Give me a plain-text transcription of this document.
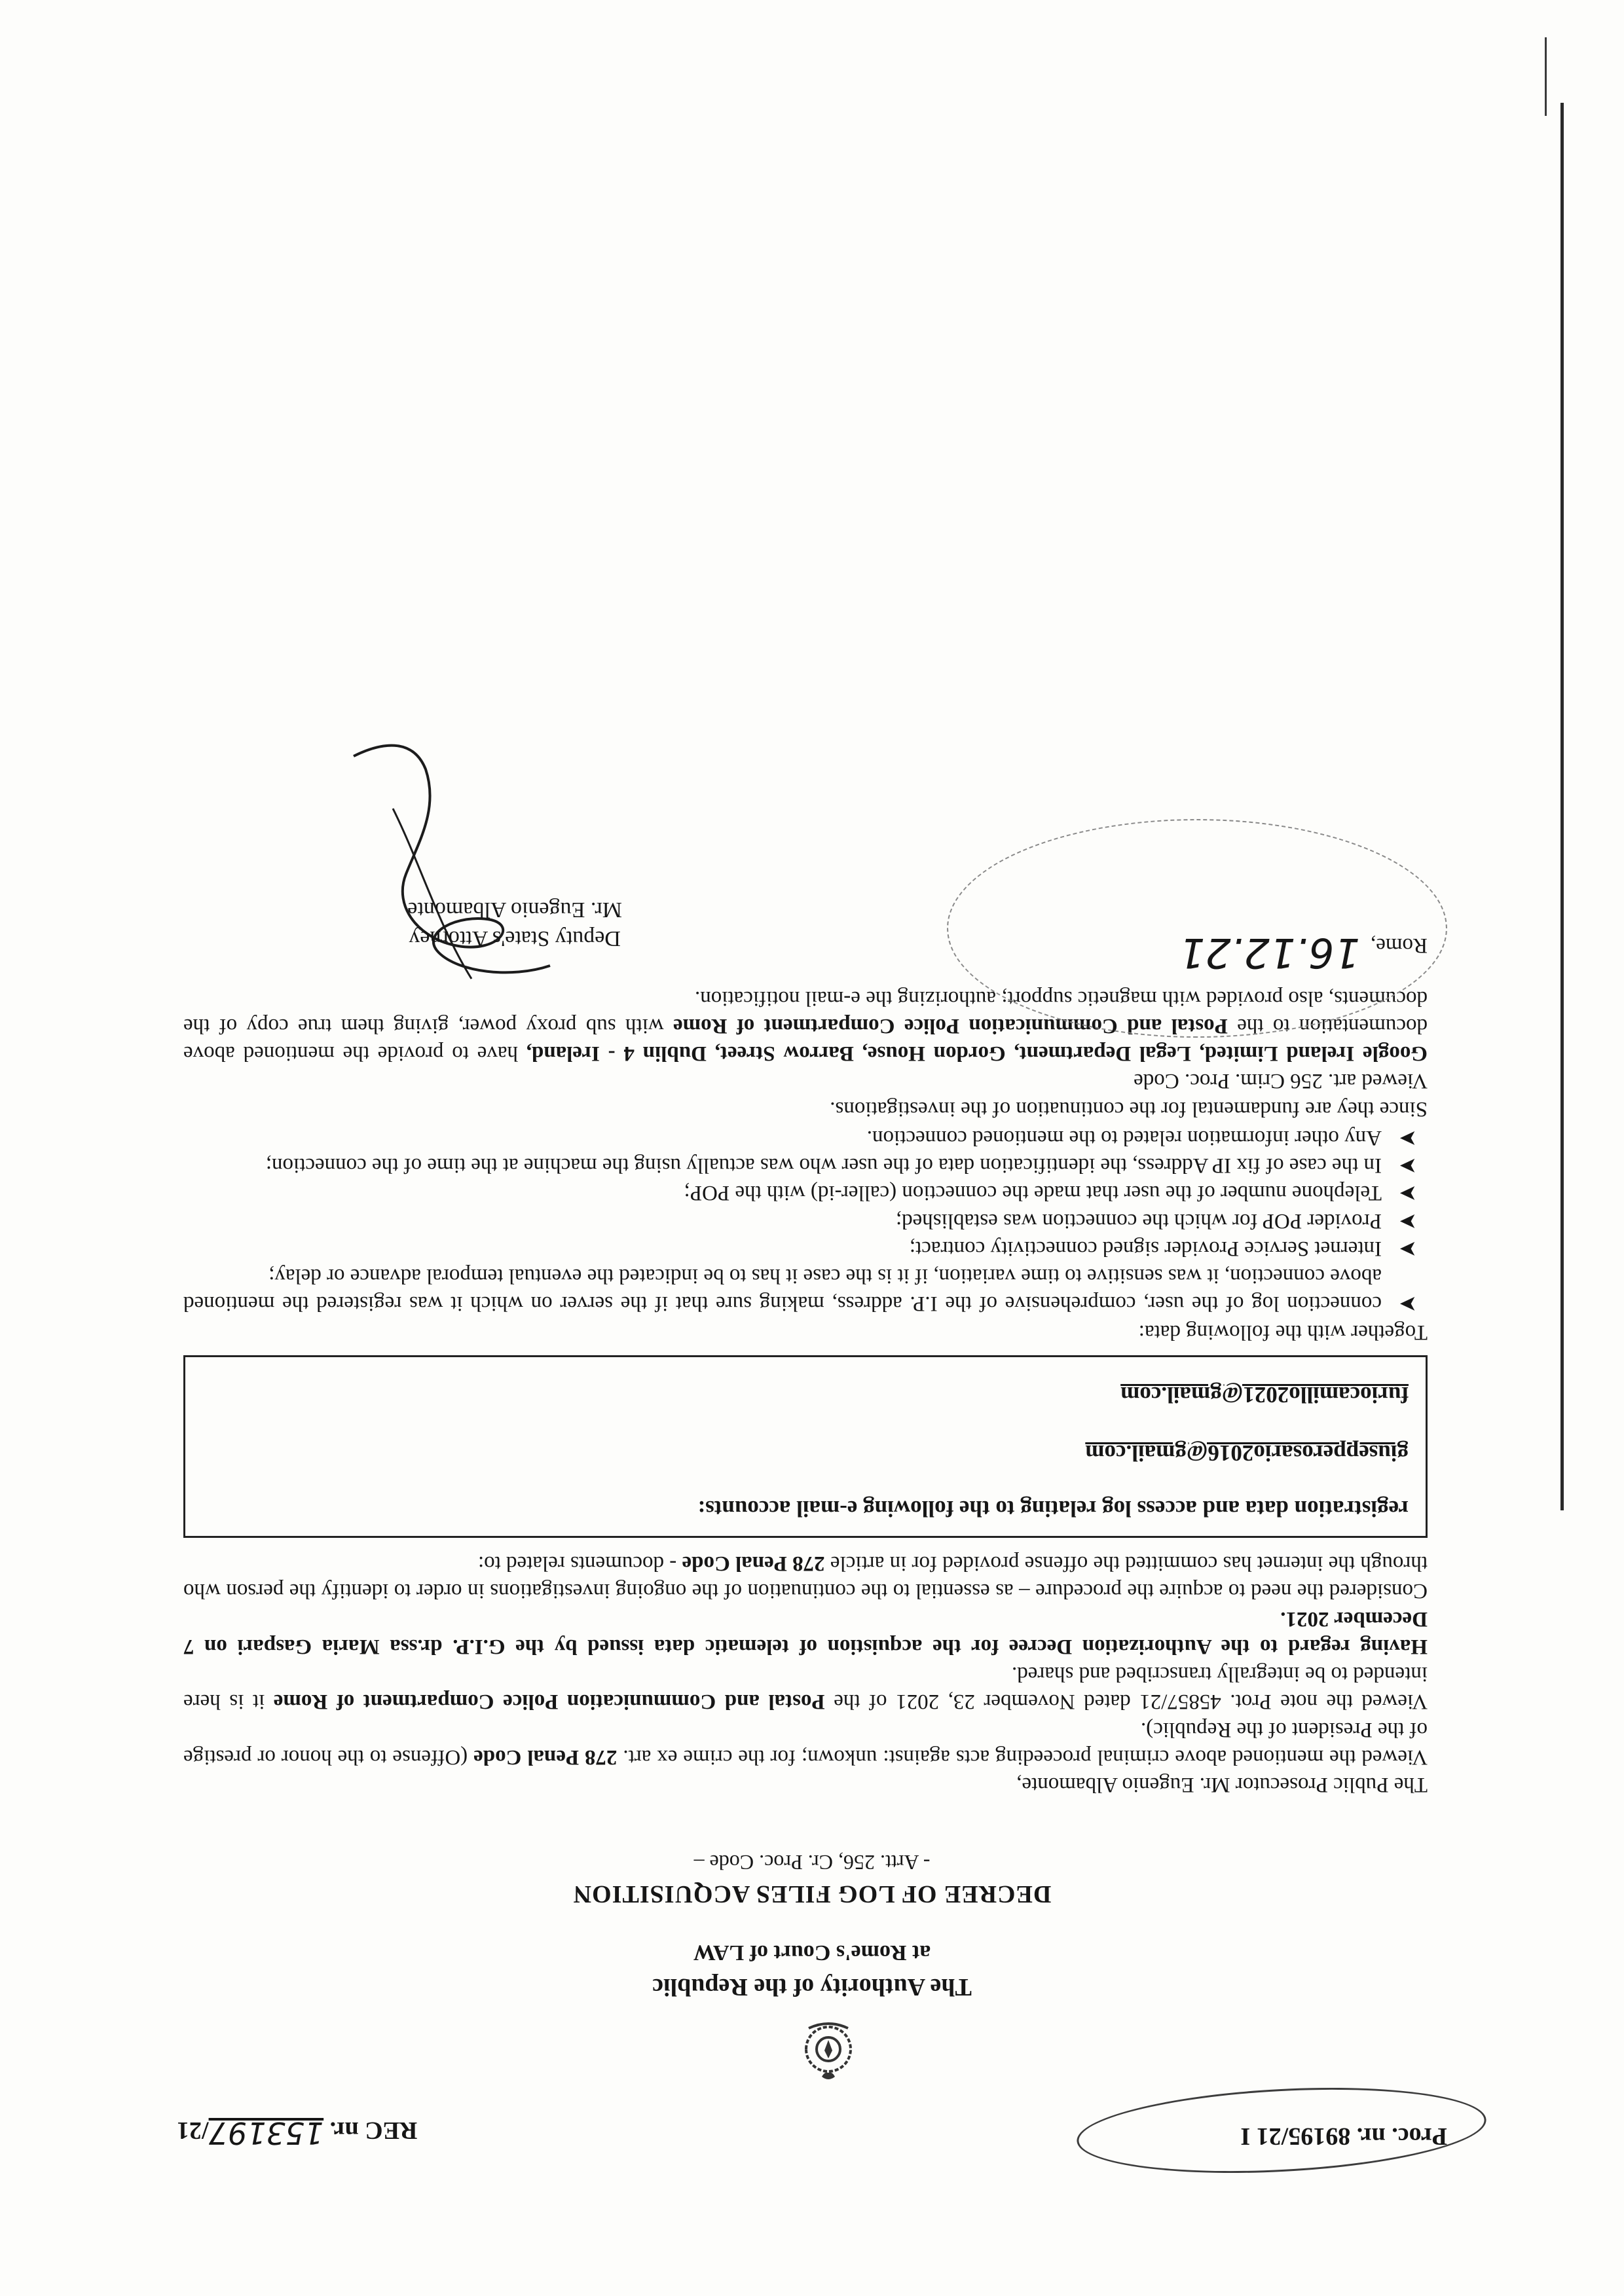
Proc. nr. 89195/21 I
REC nr. 153197/21

The Authority of the Republic

at Rome's Court of LAW

DECREE OF LOG FILES ACQUISITION

- Artt. 256, Cr. Proc. Code –

The Public Prosecutor Mr. Eugenio Albamonte,

Viewed the mentioned above criminal proceeding acts against: unkown; for the crime ex art. 278 Penal Code (Offense to the honor or prestige of the President of the Republic).

Viewed the note Prot. 45857/21 dated November 23, 2021 of the Postal and Communication Police Compartment of Rome it is here intended to be integrally transcribed and shared.

Having regard to the Authorization Decree for the acquistion of telematic data issued by the G.I.P. dr.ssa Maria Gaspari on 7 December 2021.

Considered the need to acquire the procedure – as essential to the continuation of the ongoing investigations in order to identify the person who through the internet has committed the offense provided for in article 278 Penal Code - documents related to:

registration data and access log relating to the following e-mail accounts:

giusepperosario2016@gmail.com

furiocamillo2021@gmail.com

Together with the following data:

➤
connection log of the user, comprehensive of the I.P. address, making sure that if the server on which it was registered the mentioned above connection, it was sensitive to time variation, if it is the case it has to be indicated the eventual temporal advance or delay;
➤
Internet Service Provider signed connectivity contract;
➤
Provider POP for which the connection was established;
➤
Telephone number of the user that made the connection (caller-id) with the POP;
➤
In the case of fix IP Address, the identification data of the user who was actually using the machine at the time of the connection;
➤
Any other information related to the mentioned connection.

Since they are fundamental for the continuation of the investigations.

Viewed art. 256 Crim. Proc. Code

Google Ireland Limited, Legal Department, Gordon House, Barrow Street, Dublin 4 - Ireland, have to provide the mentioned above documentation to the Postal and Communication Police Compartment of Rome with sub proxy power, giving them true copy of the documents, also provided with magnetic support; authorizing the e-mail notification.

Rome,16.12.21
Deputy State's Attorney
Mr. Eugenio Albamonte
